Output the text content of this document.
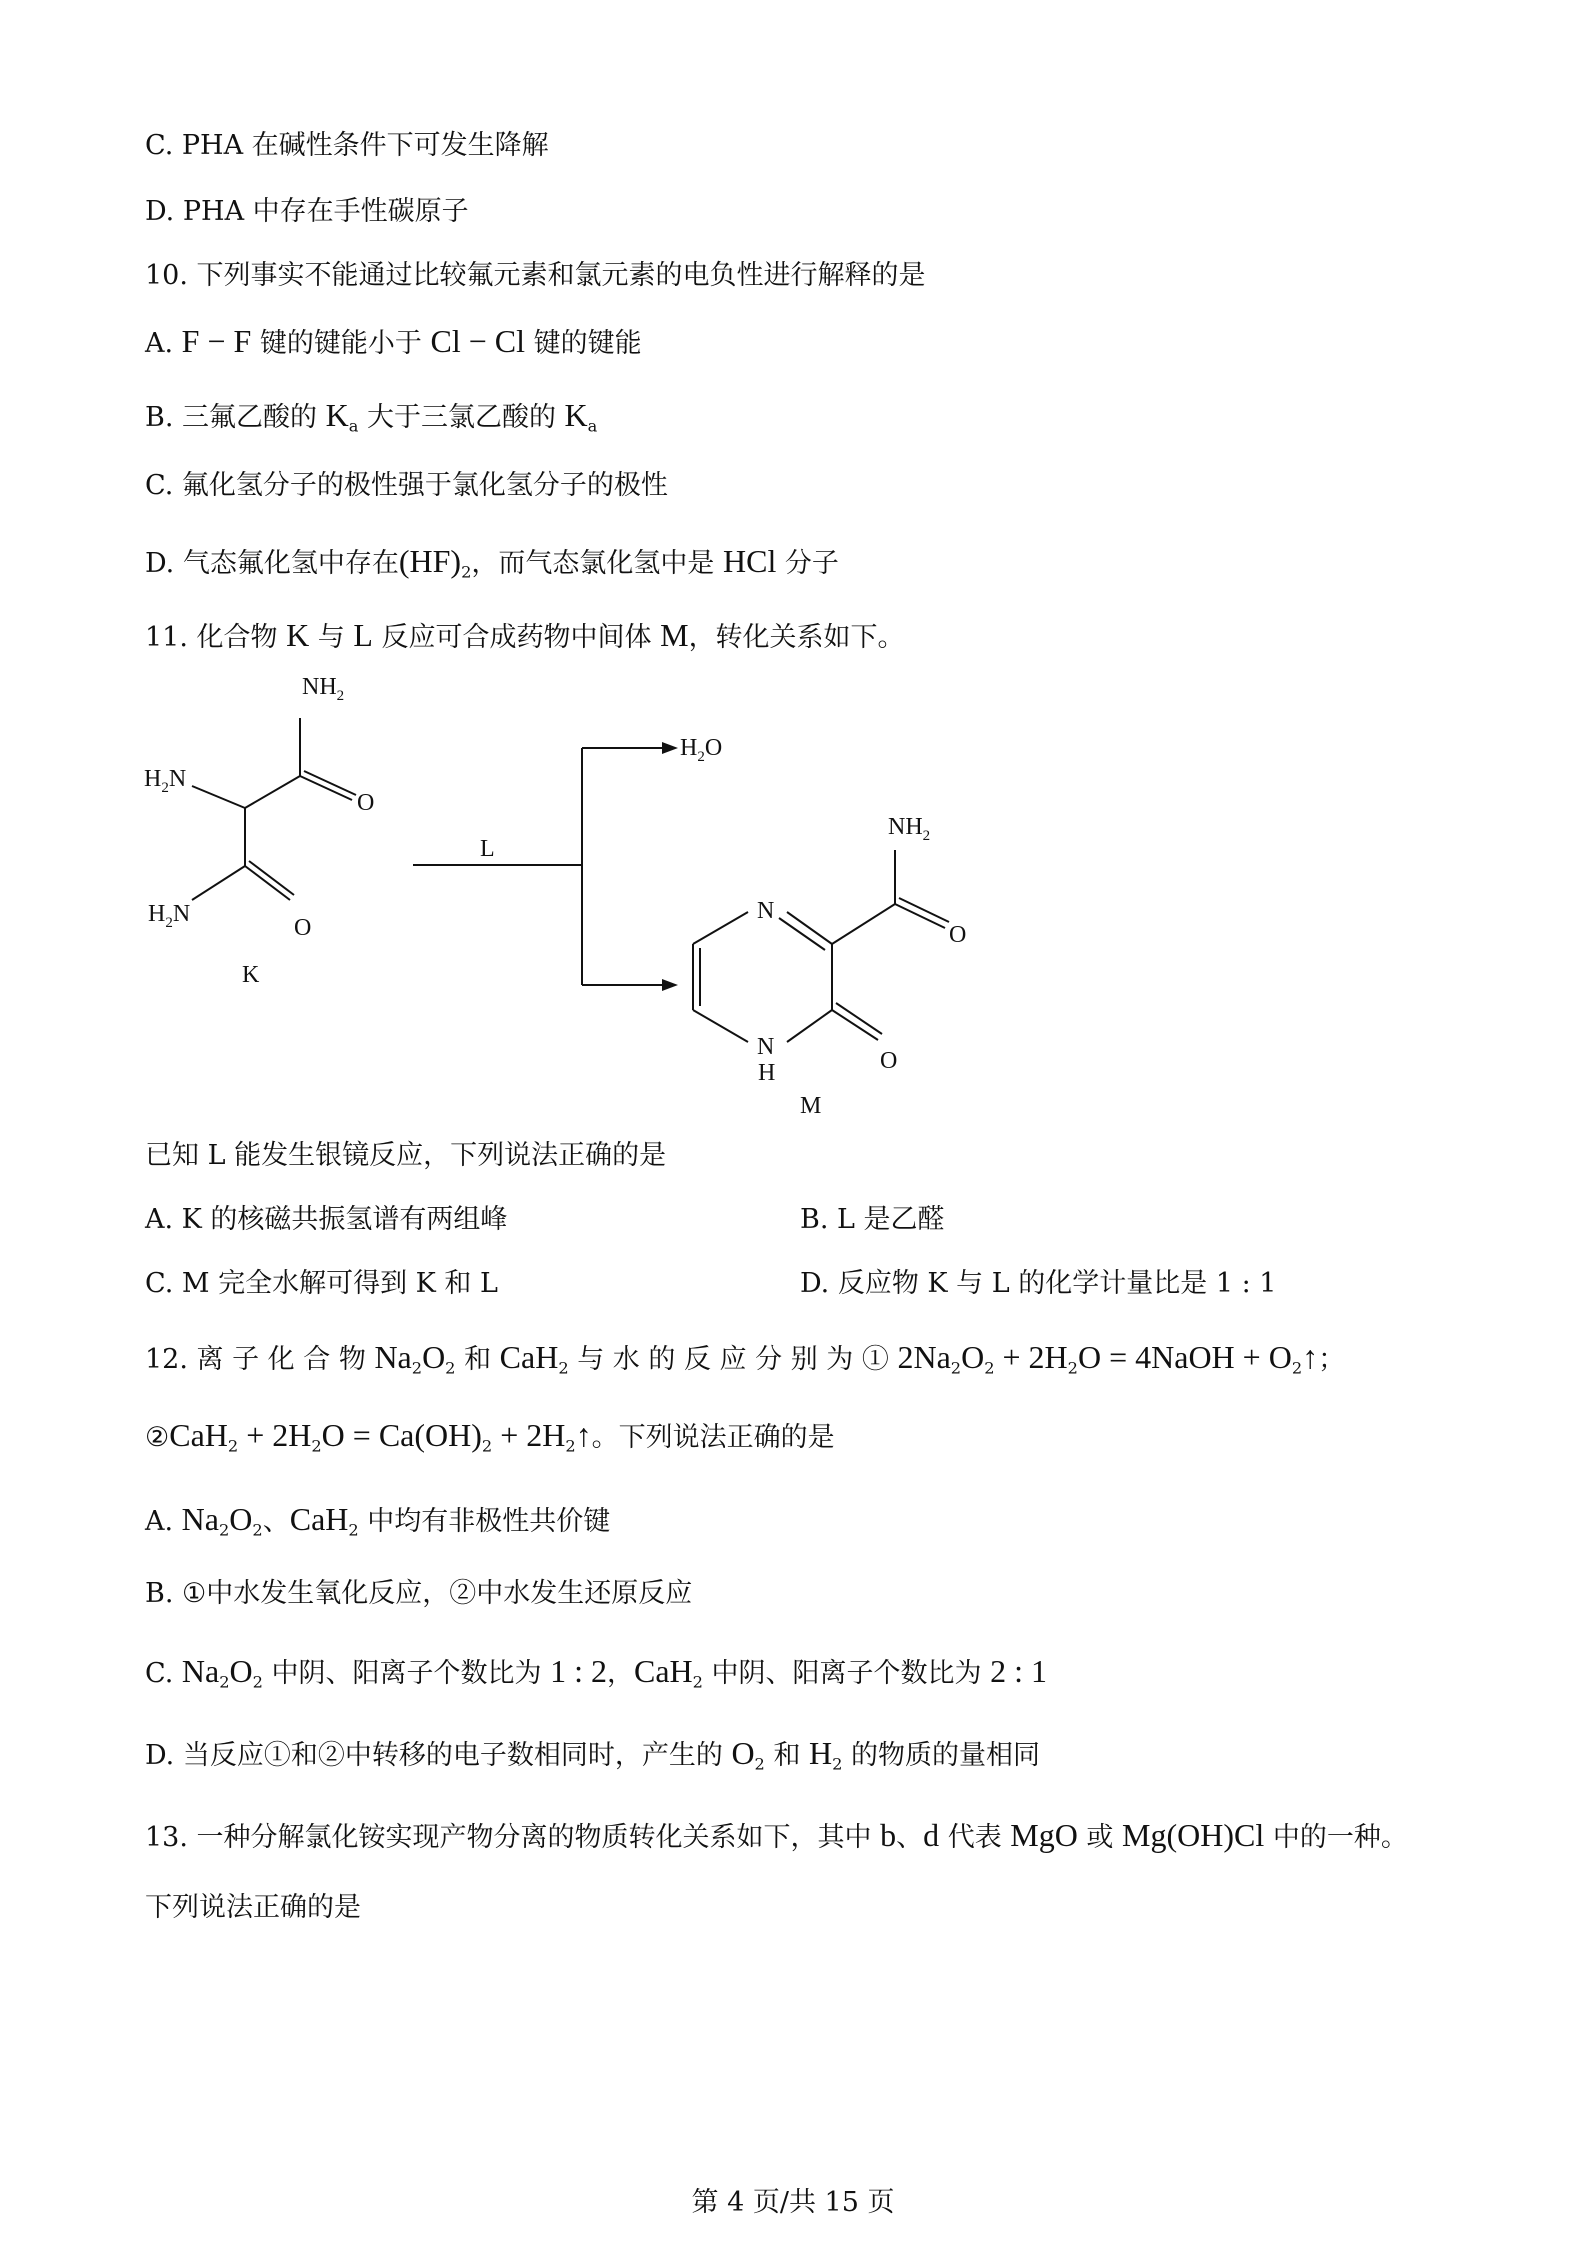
C. PHA 在碱性条件下可发生降解
D. PHA 中存在手性碳原子
10. 下列事实不能通过比较氟元素和氯元素的电负性进行解释的是
A. F − F 键的键能小于 Cl − Cl 键的键能
B. 三氟乙酸的 $K_a$ 大于三氯乙酸的 $K_a$
C. 氟化氢分子的极性强于氯化氢分子的极性
D. 气态氟化氢中存在$(HF)_2$，而气态氯化氢中是 HCl 分子
11. 化合物 K 与 L 反应可合成药物中间体 M，转化关系如下。
$NH_2$
$H_2N$
O
$H_2N$
O
K
L
$H_2O$
$NH_2$
N
O
N
H	O
M
已知 L 能发生银镜反应，下列说法正确的是
A. K 的核磁共振氢谱有两组峰	B. L 是乙醛
C. M 完全水解可得到 K 和 L	D. 反应物 K 与 L 的化学计量比是 1 : 1
12. 离 子 化 合 物 $Na_2O_2$ 和 CaH$_2$ 与 水 的 反 应 分 别 为 ① $2Na_2O_2 + 2H_2O$ = 4NaOH + $O_2↑$；
②CaH$_2$ + $2H_2O = Ca(OH)_2$ + $2H_2↑$。下列说法正确的是
A. $Na_2O_2$、CaH$_2$ 中均有非极性共价键
B. ①中水发生氧化反应，②中水发生还原反应
C. $Na_2O_2$ 中阴、阳离子个数比为 1 : 2，CaH$_2$ 中阴、阳离子个数比为 2 : 1
D. 当反应①和②中转移的电子数相同时，产生的 $O_2$ 和 $H_2$ 的物质的量相同
13. 一种分解氯化铵实现产物分离的物质转化关系如下，其中 b、d 代表 MgO 或 Mg(OH)Cl 中的一种。
下列说法正确的是
第 4 页/共 15 页
